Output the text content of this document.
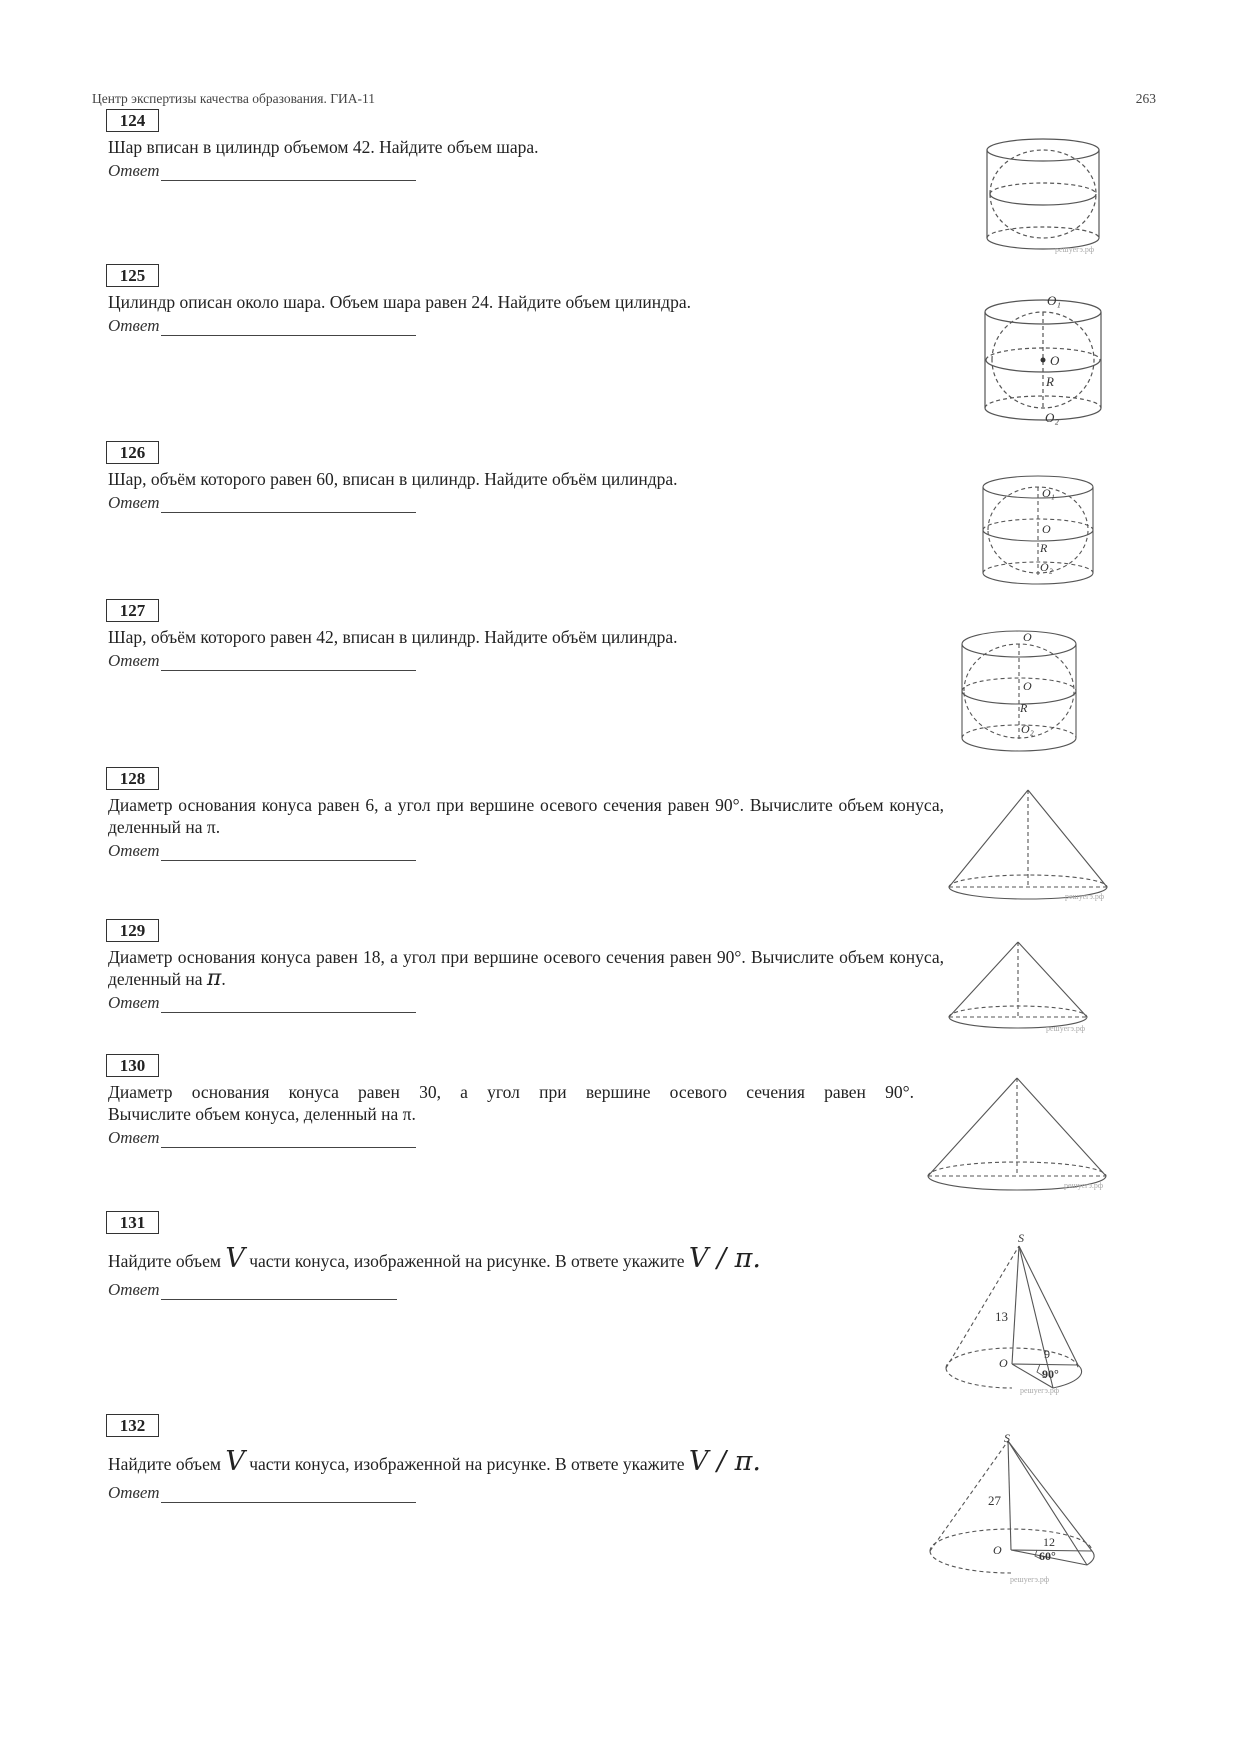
Центр экспертизы качества образования. ГИА-11	263
124
Шар вписан в цилиндр объемом 42. Найдите объем шара.
Ответ
125
Цилиндр описан около шара. Объем шара равен 24. Найдите объем цилиндра.
Ответ
126
Шар, объём которого равен 60, вписан в цилиндр. Найдите объём цилиндра.
Ответ
127
Шар, объём которого равен 42, вписан в цилиндр. Найдите объём цилиндра.
Ответ
128
Диаметр основания конуса равен 6, а угол при вершине осевого сечения равен 90°. Вычислите объем конуса, деленный на π.
Ответ
129
Диаметр основания конуса равен 18, а угол при вершине осевого сечения равен 90°. Вычислите объем конуса, деленный на π.
Ответ
130
Диаметр основания конуса равен 30, а угол при вершине осевого сечения равен 90°.
Вычислите объем конуса, деленный на π.
Ответ
131
Найдите объем V части конуса, изображенной на рисунке. В ответе укажите V / π.
Ответ
132
Найдите объем V части конуса, изображенной на рисунке. В ответе укажите V / π.
Ответ
решуегэ.рф
O₁
O
R
O₂
O₁
O
R
O₂
O
O
R
O₂
решуегэ.рф
решуегэ.рф
решуегэ.рф
S
O
13
9
90°
решуегэ.рф
S
O
27
12
60°
решуегэ.рф
